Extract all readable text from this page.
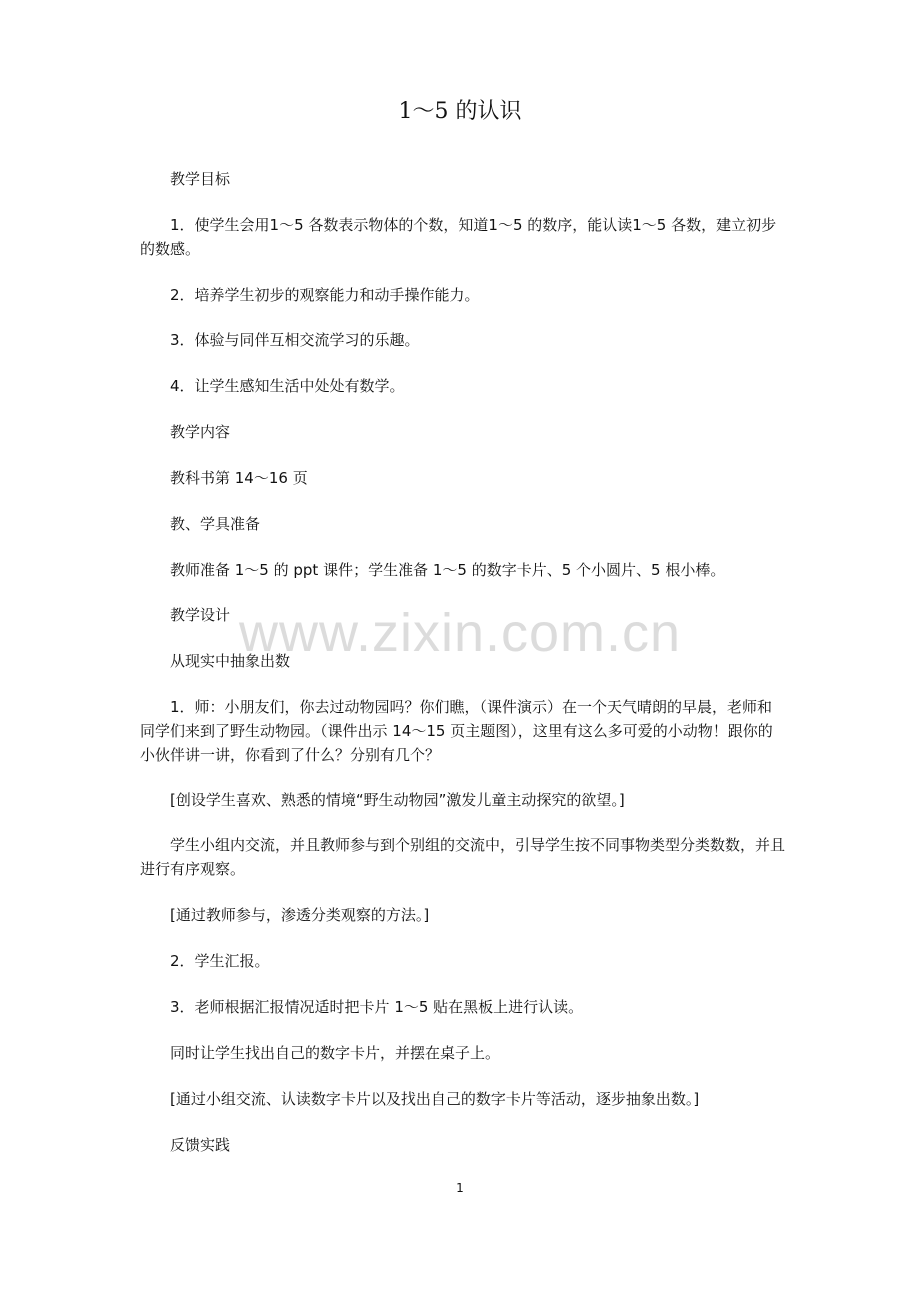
1～5 的认识
　　教学目标
　　1．使学生会用1～5 各数表示物体的个数，知道1～5 的数序，能认读1～5 各数，建立初步的数感。
　　2．培养学生初步的观察能力和动手操作能力。
　　3．体验与同伴互相交流学习的乐趣。
　　4．让学生感知生活中处处有数学。
　　教学内容
　　教科书第 14～16 页
　　教、学具准备
　　教师准备 1～5 的 ppt 课件；学生准备 1～5 的数字卡片、5 个小圆片、5 根小棒。
　　教学设计
　　从现实中抽象出数
　　1．师：小朋友们，你去过动物园吗？你们瞧，（课件演示）在一个天气晴朗的早晨，老师和同学们来到了野生动物园。（课件出示 14～15 页主题图），这里有这么多可爱的小动物！跟你的小伙伴讲一讲，你看到了什么？分别有几个？
　　[创设学生喜欢、熟悉的情境“野生动物园”激发儿童主动探究的欲望。]
　　学生小组内交流，并且教师参与到个别组的交流中，引导学生按不同事物类型分类数数，并且进行有序观察。
　　[通过教师参与，渗透分类观察的方法。]
　　2．学生汇报。
　　3．老师根据汇报情况适时把卡片 1～5 贴在黑板上进行认读。
　　同时让学生找出自己的数字卡片，并摆在桌子上。
　　[通过小组交流、认读数字卡片以及找出自己的数字卡片等活动，逐步抽象出数。]
　　反馈实践
www.zixin.com.cn
1
